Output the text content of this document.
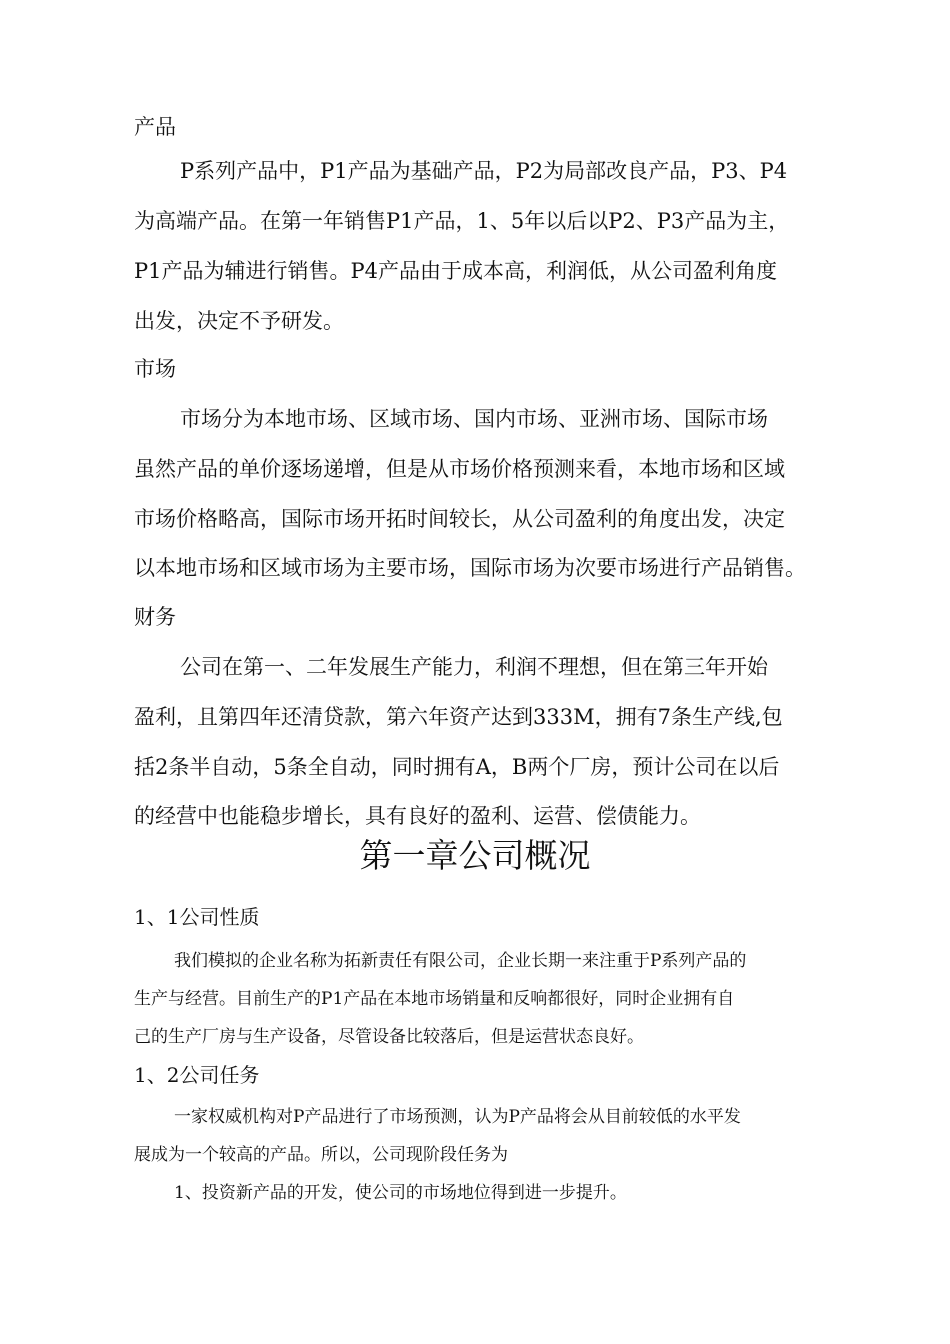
产品
P系列产品中，P1产品为基础产品，P2为局部改良产品，P3、P4
为高端产品。在第一年销售P1产品，1、5年以后以P2、P3产品为主，
P1产品为辅进行销售。P4产品由于成本高，利润低，从公司盈利角度
出发，决定不予研发。
市场
市场分为本地市场、区域市场、国内市场、亚洲市场、国际市场
虽然产品的单价逐场递增，但是从市场价格预测来看，本地市场和区域
市场价格略高，国际市场开拓时间较长，从公司盈利的角度出发，决定
以本地市场和区域市场为主要市场，国际市场为次要市场进行产品销售。
财务
公司在第一、二年发展生产能力，利润不理想，但在第三年开始
盈利，且第四年还清贷款，第六年资产达到333M，拥有7条生产线,包
括2条半自动，5条全自动，同时拥有A，B两个厂房，预计公司在以后
的经营中也能稳步增长，具有良好的盈利、运营、偿债能力。
第一章公司概况
1、1公司性质
我们模拟的企业名称为拓新责任有限公司，企业长期一来注重于P系列产品的
生产与经营。目前生产的P1产品在本地市场销量和反响都很好，同时企业拥有自
己的生产厂房与生产设备，尽管设备比较落后，但是运营状态良好。
1、2公司任务
一家权威机构对P产品进行了市场预测，认为P产品将会从目前较低的水平发
展成为一个较高的产品。所以，公司现阶段任务为
1、投资新产品的开发，使公司的市场地位得到进一步提升。
